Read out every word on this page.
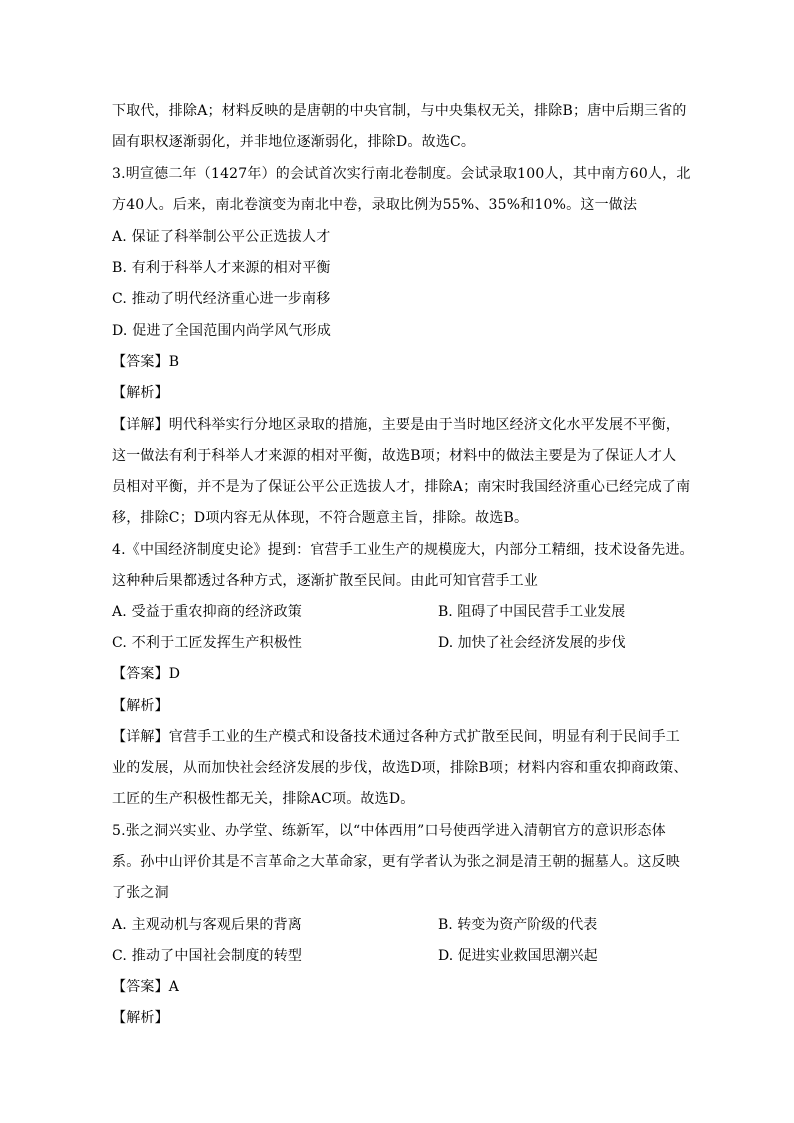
下取代，排除A；材料反映的是唐朝的中央官制，与中央集权无关，排除B；唐中后期三省的
固有职权逐渐弱化，并非地位逐渐弱化，排除D。故选C。
3.明宣德二年（1427年）的会试首次实行南北卷制度。会试录取100人，其中南方60人，北
方40人。后来，南北卷演变为南北中卷，录取比例为55%、35%和10%。这一做法
A. 保证了科举制公平公正选拔人才
B. 有利于科举人才来源的相对平衡
C. 推动了明代经济重心进一步南移
D. 促进了全国范围内尚学风气形成
【答案】B
【解析】
【详解】明代科举实行分地区录取的措施，主要是由于当时地区经济文化水平发展不平衡，
这一做法有利于科举人才来源的相对平衡，故选B项；材料中的做法主要是为了保证人才人
员相对平衡，并不是为了保证公平公正选拔人才，排除A；南宋时我国经济重心已经完成了南
移，排除C；D项内容无从体现，不符合题意主旨，排除。故选B。
4.《中国经济制度史论》提到：官营手工业生产的规模庞大，内部分工精细，技术设备先进。
这种种后果都透过各种方式，逐渐扩散至民间。由此可知官营手工业
A. 受益于重农抑商的经济政策	B. 阻碍了中国民营手工业发展
C. 不利于工匠发挥生产积极性	D. 加快了社会经济发展的步伐
【答案】D
【解析】
【详解】官营手工业的生产模式和设备技术通过各种方式扩散至民间，明显有利于民间手工
业的发展，从而加快社会经济发展的步伐，故选D项，排除B项；材料内容和重农抑商政策、
工匠的生产积极性都无关，排除AC项。故选D。
5.张之洞兴实业、办学堂、练新军，以“中体西用”口号使西学进入清朝官方的意识形态体
系。孙中山评价其是不言革命之大革命家，更有学者认为张之洞是清王朝的掘墓人。这反映
了张之洞
A. 主观动机与客观后果的背离	B. 转变为资产阶级的代表
C. 推动了中国社会制度的转型	D. 促进实业救国思潮兴起
【答案】A
【解析】
